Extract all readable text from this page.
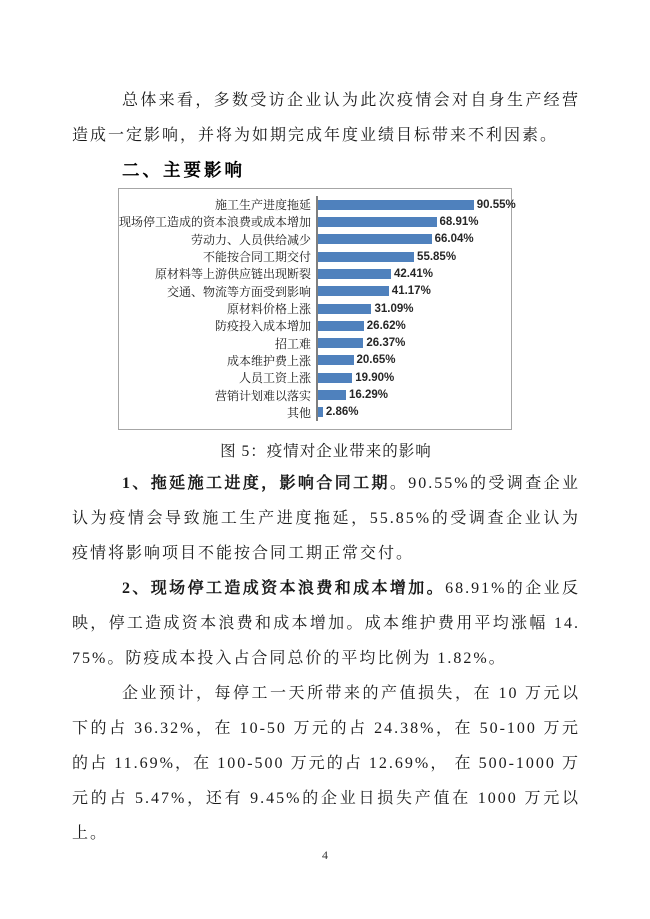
总体来看，多数受访企业认为此次疫情会对自身生产经营造成一定影响，并将为如期完成年度业绩目标带来不利因素。

二、主要影响
施工生产进度拖延	90.55%
现场停工造成的资本浪费或成本增加	68.91%
劳动力、人员供给减少	66.04%
不能按合同工期交付	55.85%
原材料等上游供应链出现断裂	42.41%
交通、物流等方面受到影响	41.17%
原材料价格上涨	31.09%
防疫投入成本增加	26.62%
招工难	26.37%
成本维护费上涨	20.65%
人员工资上涨	19.90%
营销计划难以落实	16.29%
其他	2.86%

图 5：疫情对企业带来的影响

1、拖延施工进度，影响合同工期。90.55%的受调查企业认为疫情会导致施工生产进度拖延，55.85%的受调查企业认为疫情将影响项目不能按合同工期正常交付。

2、现场停工造成资本浪费和成本增加。68.91%的企业反映，停工造成资本浪费和成本增加。成本维护费用平均涨幅 14.75%。防疫成本投入占合同总价的平均比例为 1.82%。

企业预计，每停工一天所带来的产值损失，在 10 万元以下的占 36.32%，在 10-50 万元的占 24.38%，在 50-100 万元的占 11.69%，在 100-500 万元的占 12.69%， 在 500-1000 万元的占 5.47%，还有 9.45%的企业日损失产值在 1000 万元以上。

4
